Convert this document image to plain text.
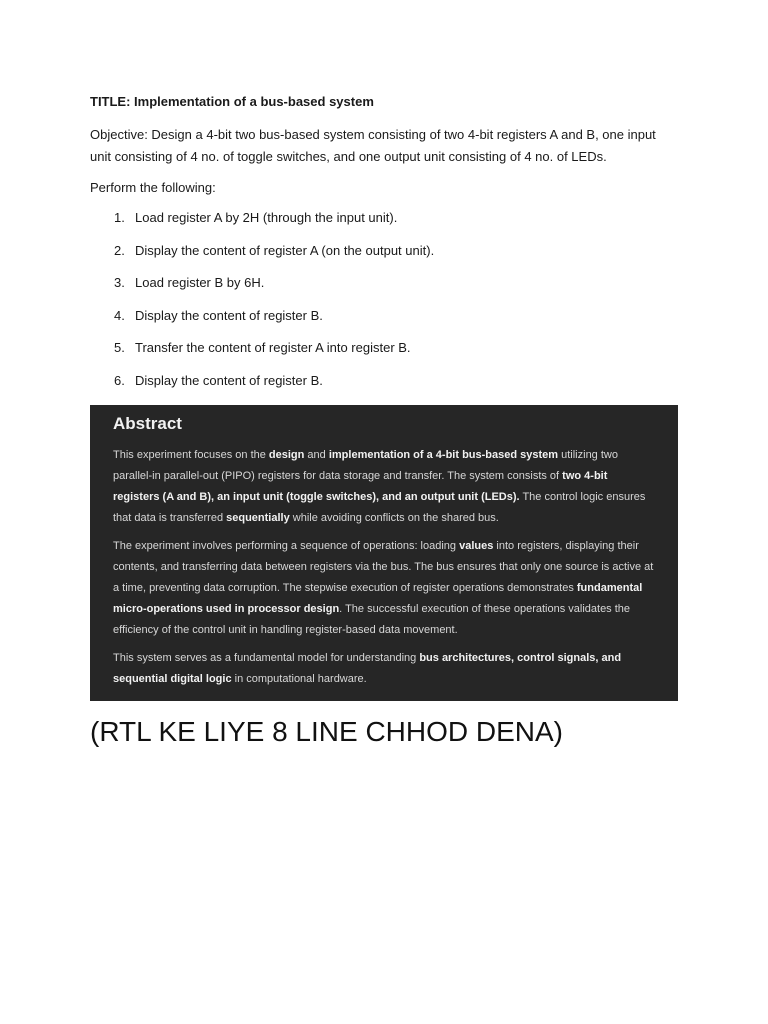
TITLE: Implementation of a bus-based system

Objective: Design a 4-bit two bus-based system consisting of two 4-bit registers A and B, one input unit consisting of 4 no. of toggle switches, and one output unit consisting of 4 no. of LEDs.

Perform the following:

1. Load register A by 2H (through the input unit).
2. Display the content of register A (on the output unit).
3. Load register B by 6H.
4. Display the content of register B.
5. Transfer the content of register A into register B.
6. Display the content of register B.
Abstract

This experiment focuses on the design and implementation of a 4-bit bus-based system utilizing two parallel-in parallel-out (PIPO) registers for data storage and transfer. The system consists of two 4-bit registers (A and B), an input unit (toggle switches), and an output unit (LEDs). The control logic ensures that data is transferred sequentially while avoiding conflicts on the shared bus.

The experiment involves performing a sequence of operations: loading values into registers, displaying their contents, and transferring data between registers via the bus. The bus ensures that only one source is active at a time, preventing data corruption. The stepwise execution of register operations demonstrates fundamental micro-operations used in processor design. The successful execution of these operations validates the efficiency of the control unit in handling register-based data movement.

This system serves as a fundamental model for understanding bus architectures, control signals, and sequential digital logic in computational hardware.

(RTL KE LIYE 8 LINE CHHOD DENA)
